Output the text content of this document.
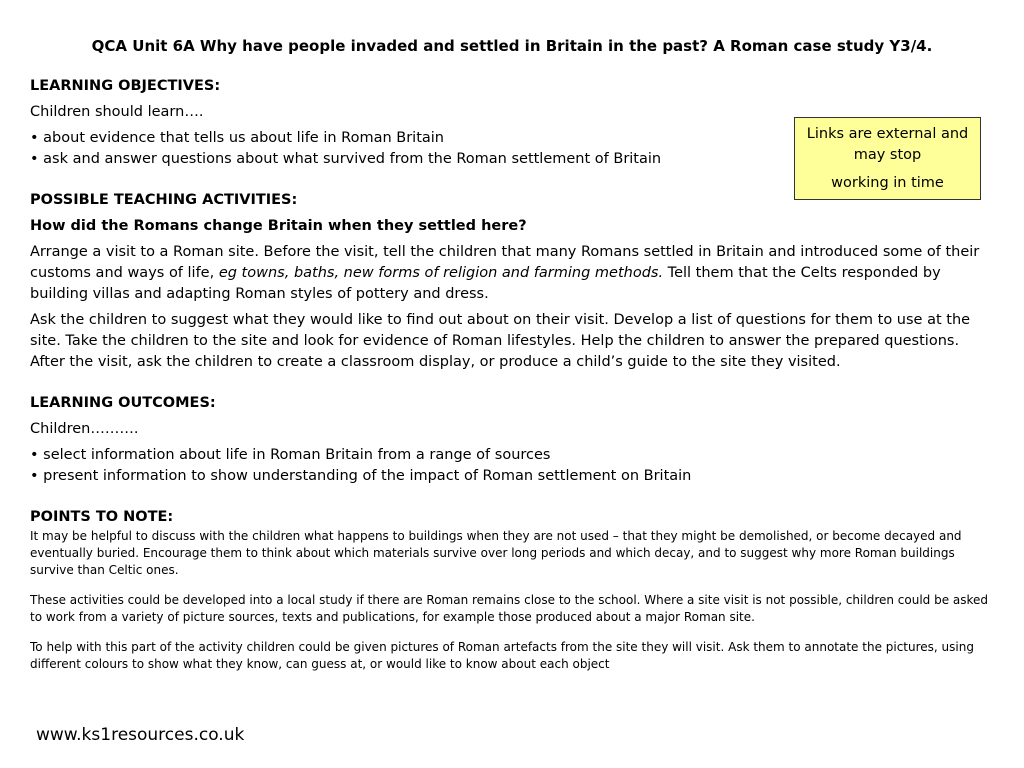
QCA Unit 6A Why have people invaded and settled in Britain in the past? A Roman case study Y3/4.
Links are external and may stop
working in time

LEARNING OBJECTIVES:

Children should learn….

• about evidence that tells us about life in Roman Britain

• ask and answer questions about what survived from the Roman settlement of Britain

POSSIBLE TEACHING ACTIVITIES:

How did the Romans change Britain when they settled here?

Arrange a visit to a Roman site. Before the visit, tell the children that many Romans settled in Britain and introduced some of their customs and ways of life, eg towns, baths, new forms of religion and farming methods. Tell them that the Celts responded by building villas and adapting Roman styles of pottery and dress.

Ask the children to suggest what they would like to find out about on their visit. Develop a list of questions for them to use at the site. Take the children to the site and look for evidence of Roman lifestyles. Help the children to answer the prepared questions. After the visit, ask the children to create a classroom display, or produce a child’s guide to the site they visited.

LEARNING OUTCOMES:

Children……….

• select information about life in Roman Britain from a range of sources

• present information to show understanding of the impact of Roman settlement on Britain

POINTS TO NOTE:

It may be helpful to discuss with the children what happens to buildings when they are not used – that they might be demolished, or become decayed and eventually buried. Encourage them to think about which materials survive over long periods and which decay, and to suggest why more Roman buildings survive than Celtic ones.

These activities could be developed into a local study if there are Roman remains close to the school. Where a site visit is not possible, children could be asked to work from a variety of picture sources, texts and publications, for example those produced about a major Roman site.

To help with this part of the activity children could be given pictures of Roman artefacts from the site they will visit. Ask them to annotate the pictures, using different colours to show what they know, can guess at, or would like to know about each object

www.ks1resources.co.uk
